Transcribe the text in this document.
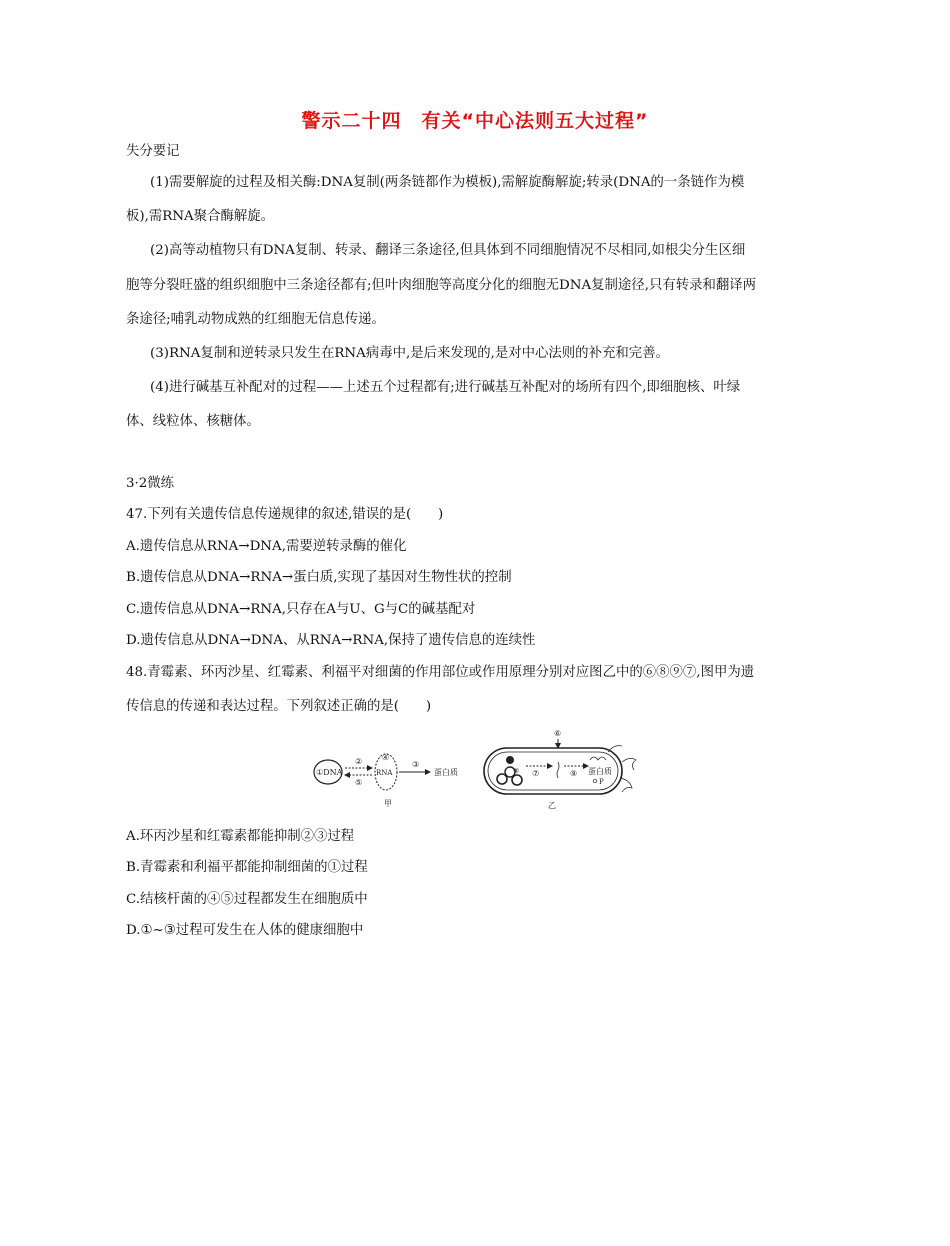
警示二十四　有关“中心法则五大过程”
失分要记
(1)需要解旋的过程及相关酶:DNA复制(两条链都作为模板),需解旋酶解旋;转录(DNA的一条链作为模
板),需RNA聚合酶解旋。
(2)高等动植物只有DNA复制、转录、翻译三条途径,但具体到不同细胞情况不尽相同,如根尖分生区细
胞等分裂旺盛的组织细胞中三条途径都有;但叶肉细胞等高度分化的细胞无DNA复制途径,只有转录和翻译两
条途径;哺乳动物成熟的红细胞无信息传递。
(3)RNA复制和逆转录只发生在RNA病毒中,是后来发现的,是对中心法则的补充和完善。
(4)进行碱基互补配对的过程——上述五个过程都有;进行碱基互补配对的场所有四个,即细胞核、叶绿
体、线粒体、核糖体。
3·2微练
47.下列有关遗传信息传递规律的叙述,错误的是(　　)
A.遗传信息从RNA→DNA,需要逆转录酶的催化
B.遗传信息从DNA→RNA→蛋白质,实现了基因对生物性状的控制
C.遗传信息从DNA→RNA,只存在A与U、G与C的碱基配对
D.遗传信息从DNA→DNA、从RNA→RNA,保持了遗传信息的连续性
48.青霉素、环丙沙星、红霉素、利福平对细菌的作用部位或作用原理分别对应图乙中的⑥⑧⑨⑦,图甲为遗
传信息的传递和表达过程。下列叙述正确的是(　　)
①DNA
②
⑤
④
RNA
③
蛋白质
甲
⑥
⑧ ⑦	⑨ 蛋白质
P
乙
A.环丙沙星和红霉素都能抑制②③过程
B.青霉素和利福平都能抑制细菌的①过程
C.结核杆菌的④⑤过程都发生在细胞质中
D.①~③过程可发生在人体的健康细胞中
